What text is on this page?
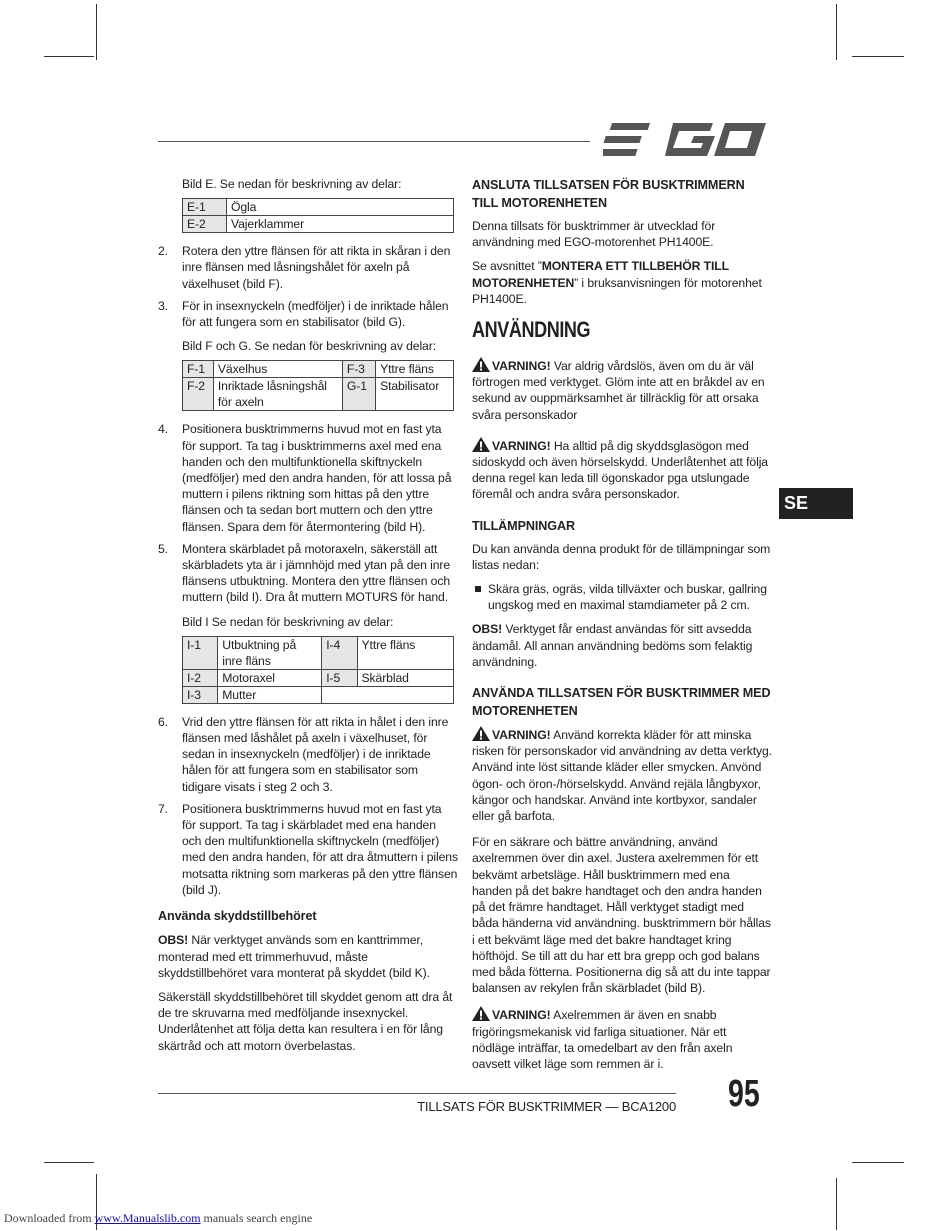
Bild E. Se nedan för beskrivning av delar:

E-1	Ögla
E-2	Vajerklammer
2. Rotera den yttre flänsen för att rikta in skåran i den inre flänsen med låsningshålet för axeln på växelhuset (bild F).
3. För in insexnyckeln (medföljer) i de inriktade hålen för att fungera som en stabilisator (bild G).

Bild F och G. Se nedan för beskrivning av delar:

F-1	Växelhus	F-3	Yttre fläns
F-2	Inriktade låsningshål för axeln	G-1	Stabilisator
4. Positionera busktrimmerns huvud mot en fast yta för support. Ta tag i busktrimmerns axel med ena handen och den multifunktionella skiftnyckeln (medföljer) med den andra handen, för att lossa på muttern i pilens riktning som hittas på den yttre flänsen och ta sedan bort muttern och den yttre flänsen. Spara dem för återmontering (bild H).
5. Montera skärbladet på motoraxeln, säkerställ att skärbladets yta är i jämnhöjd med ytan på den inre flänsens utbuktning. Montera den yttre flänsen och muttern (bild I). Dra åt muttern MOTURS för hand.

Bild I Se nedan för beskrivning av delar:

I-1	Utbuktning på inre fläns	I-4	Yttre fläns
I-2	Motoraxel	I-5	Skärblad
I-3	Mutter		
6. Vrid den yttre flänsen för att rikta in hålet i den inre flänsen med låshålet på axeln i växelhuset, för sedan in insexnyckeln (medföljer) i de inriktade hålen för att fungera som en stabilisator som tidigare visats i steg 2 och 3.
7. Positionera busktrimmerns huvud mot en fast yta för support. Ta tag i skärbladet med ena handen och den multifunktionella skiftnyckeln (medföljer) med den andra handen, för att dra åtmuttern i pilens motsatta riktning som markeras på den yttre flänsen (bild J).
Använda skyddstillbehöret

OBS! När verktyget används som en kanttrimmer, monterad med ett trimmerhuvud, måste skyddstillbehöret vara monterat på skyddet (bild K).

Säkerställ skyddstillbehöret till skyddet genom att dra åt de tre skruvarna med medföljande insexnyckel. Underlåtenhet att följa detta kan resultera i en för lång skärtråd och att motorn överbelastas.

ANSLUTA TILLSATSEN FÖR BUSKTRIMMERN TILL MOTORENHETEN

Denna tillsats för busktrimmer är utvecklad för användning med EGO-motorenhet PH1400E.

Se avsnittet ”MONTERA ETT TILLBEHÖR TILL MOTORENHETEN” i bruksanvisningen för motorenhet PH1400E.

ANVÄNDNING

VARNING! Var aldrig vårdslös, även om du är väl förtrogen med verktyget. Glöm inte att en bråkdel av en sekund av ouppmärksamhet är tillräcklig för att orsaka svåra personskador

VARNING! Ha alltid på dig skyddsglasögon med sidoskydd och även hörselskydd. Underlåtenhet att följa denna regel kan leda till ögonskador pga utslungade föremål och andra svåra personskador.

TILLÄMPNINGAR

Du kan använda denna produkt för de tillämpningar som listas nedan:

Skära gräs, ogräs, vilda tillväxter och buskar, gallring ungskog med en maximal stamdiameter på 2 cm.

OBS! Verktyget får endast användas för sitt avsedda ändamål. All annan användning bedöms som felaktig användning.

ANVÄNDA TILLSATSEN FÖR BUSKTRIMMER MED MOTORENHETEN

VARNING! Använd korrekta kläder för att minska risken för personskador vid användning av detta verktyg. Använd inte löst sittande kläder eller smycken. Anvönd ögon- och öron-/hörselskydd. Använd rejäla långbyxor, kängor och handskar. Använd inte kortbyxor, sandaler eller gå barfota.

För en säkrare och bättre användning, använd axelremmen över din axel. Justera axelremmen för ett bekvämt arbetsläge. Håll busktrimmern med ena handen på det bakre handtaget och den andra handen på det främre handtaget. Håll verktyget stadigt med båda händerna vid användning. busktrimmern bör hållas i ett bekvämt läge med det bakre handtaget kring höfthöjd. Se till att du har ett bra grepp och god balans med båda fötterna. Positionerna dig så att du inte tappar balansen av rekylen från skärbladet (bild B).

VARNING! Axelremmen är även en snabb frigöringsmekanisk vid farliga situationer. När ett nödläge inträffar, ta omedelbart av den från axeln oavsett vilket läge som remmen är i.

SE
TILLSATS FÖR BUSKTRIMMER — BCA1200 95
Downloaded from www.Manualslib.com manuals search engine
